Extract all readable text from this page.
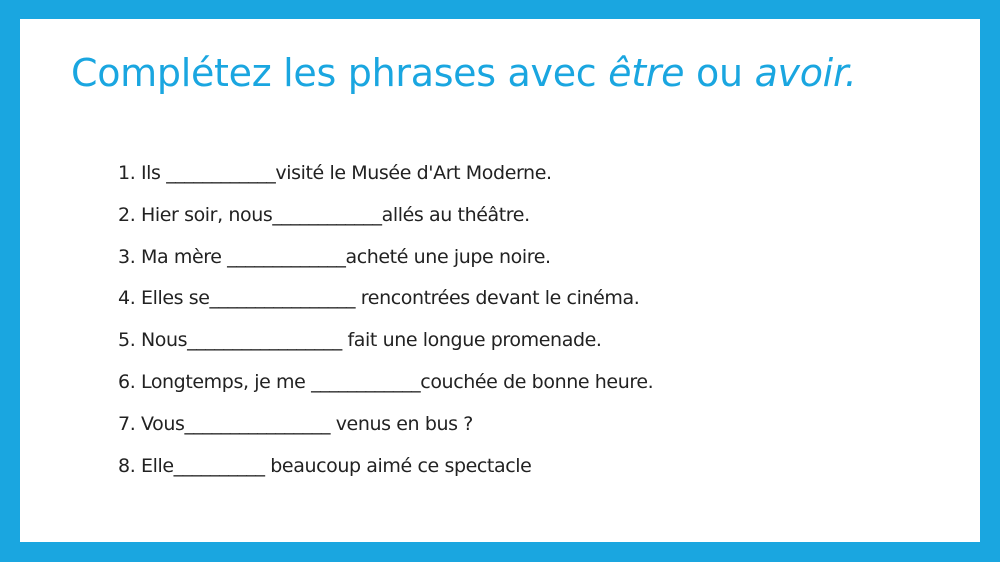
Complétez les phrases avec être ou avoir.
1. Ils ____________visité le Musée d'Art Moderne.
2. Hier soir, nous____________allés au théâtre.
3. Ma mère _____________acheté une jupe noire.
4. Elles se________________ rencontrées devant le cinéma.
5. Nous_________________ fait une longue promenade.
6. Longtemps, je me ____________couchée de bonne heure.
7. Vous________________ venus en bus ?
8. Elle__________ beaucoup aimé ce spectacle
